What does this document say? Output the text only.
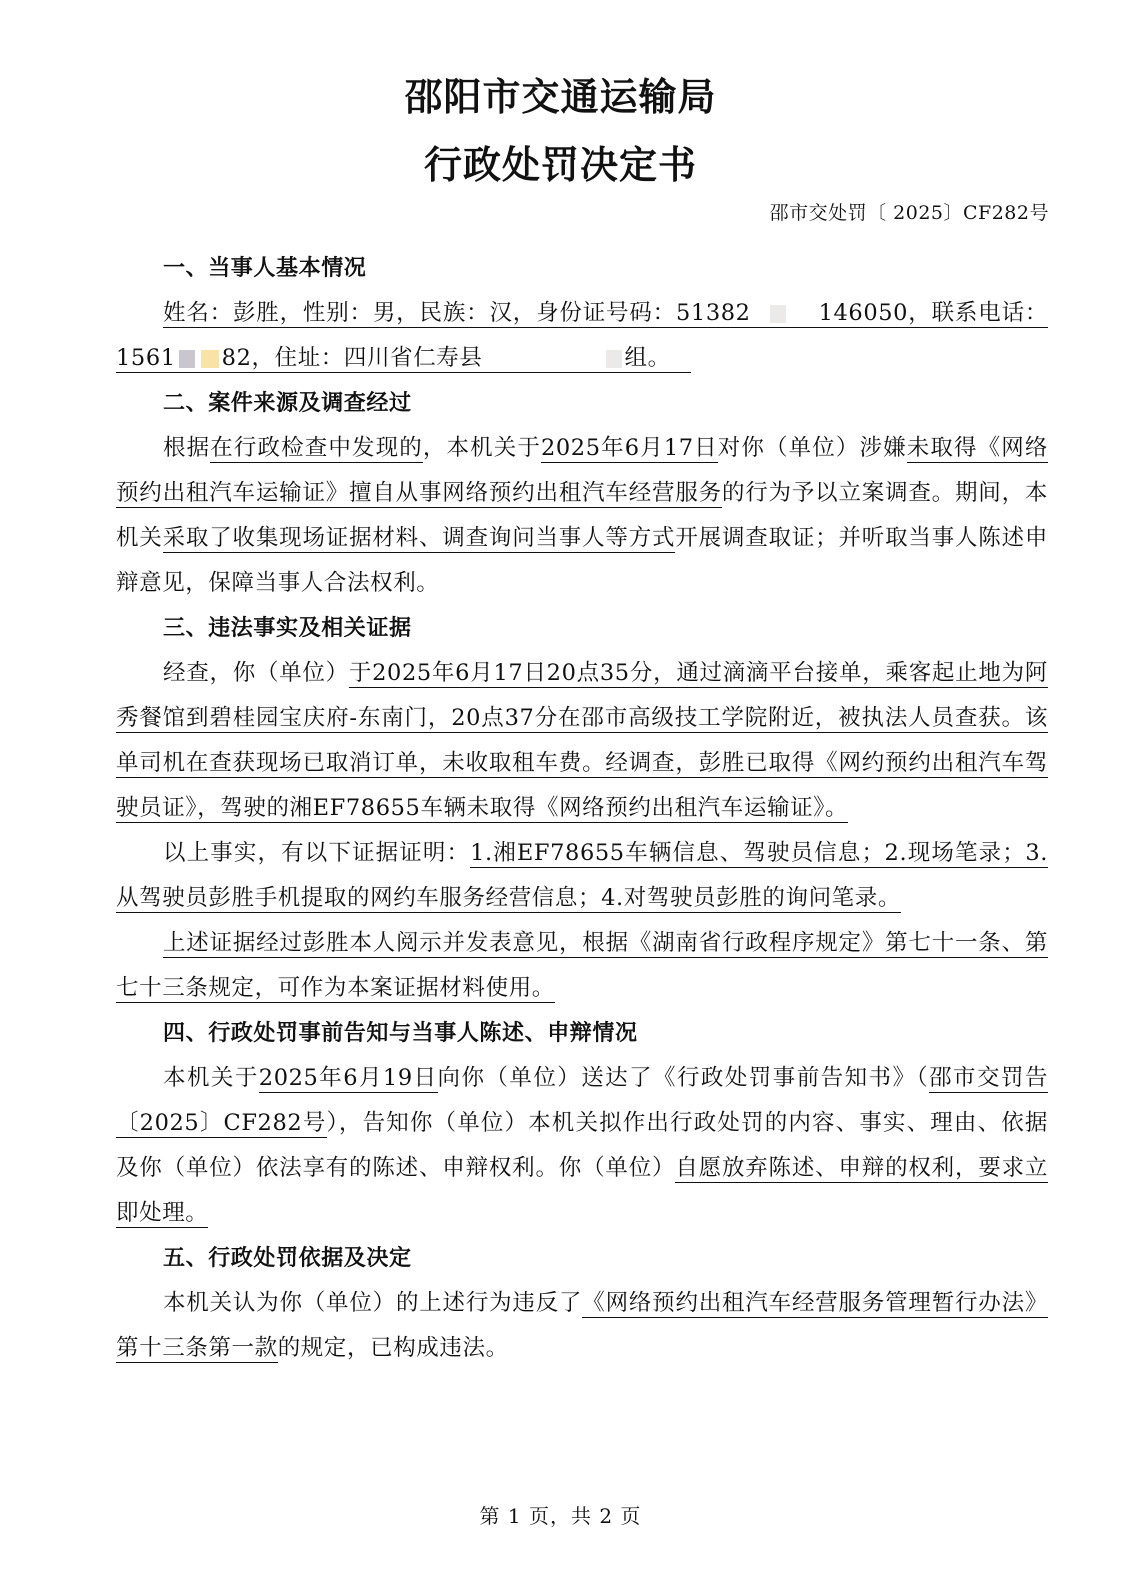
邵阳市交通运输局
行政处罚决定书
邵市交处罚〔 2025〕CF282号

一、当事人基本情况

姓名：彭胜，性别：男，民族：汉，身份证号码：51382	146050，联系电话：1561 82，住址：四川省仁寿县	组。

二、案件来源及调查经过

根据在行政检查中发现的，本机关于2025年6月17日对你（单位）涉嫌未取得《网络预约出租汽车运输证》擅自从事网络预约出租汽车经营服务的行为予以立案调查。期间，本机关采取了收集现场证据材料、调查询问当事人等方式开展调查取证；并听取当事人陈述申辩意见，保障当事人合法权利。

三、违法事实及相关证据

经查，你（单位）于2025年6月17日20点35分，通过滴滴平台接单，乘客起止地为阿秀餐馆到碧桂园宝庆府-东南门，20点37分在邵市高级技工学院附近，被执法人员查获。该单司机在查获现场已取消订单，未收取租车费。经调查，彭胜已取得《网约预约出租汽车驾驶员证》，驾驶的湘EF78655车辆未取得《网络预约出租汽车运输证》。

以上事实，有以下证据证明：1.湘EF78655车辆信息、驾驶员信息；2.现场笔录；3.从驾驶员彭胜手机提取的网约车服务经营信息；4.对驾驶员彭胜的询问笔录。

上述证据经过彭胜本人阅示并发表意见，根据《湖南省行政程序规定》第七十一条、第七十三条规定，可作为本案证据材料使用。

四、行政处罚事前告知与当事人陈述、申辩情况

本机关于2025年6月19日向你（单位）送达了《行政处罚事前告知书》（邵市交罚告〔2025〕CF282号），告知你（单位）本机关拟作出行政处罚的内容、事实、理由、依据及你（单位）依法享有的陈述、申辩权利。你（单位）自愿放弃陈述、申辩的权利，要求立即处理。

五、行政处罚依据及决定

本机关认为你（单位）的上述行为违反了《网络预约出租汽车经营服务管理暂行办法》第十三条第一款的规定，已构成违法。

第 1 页，共 2 页
